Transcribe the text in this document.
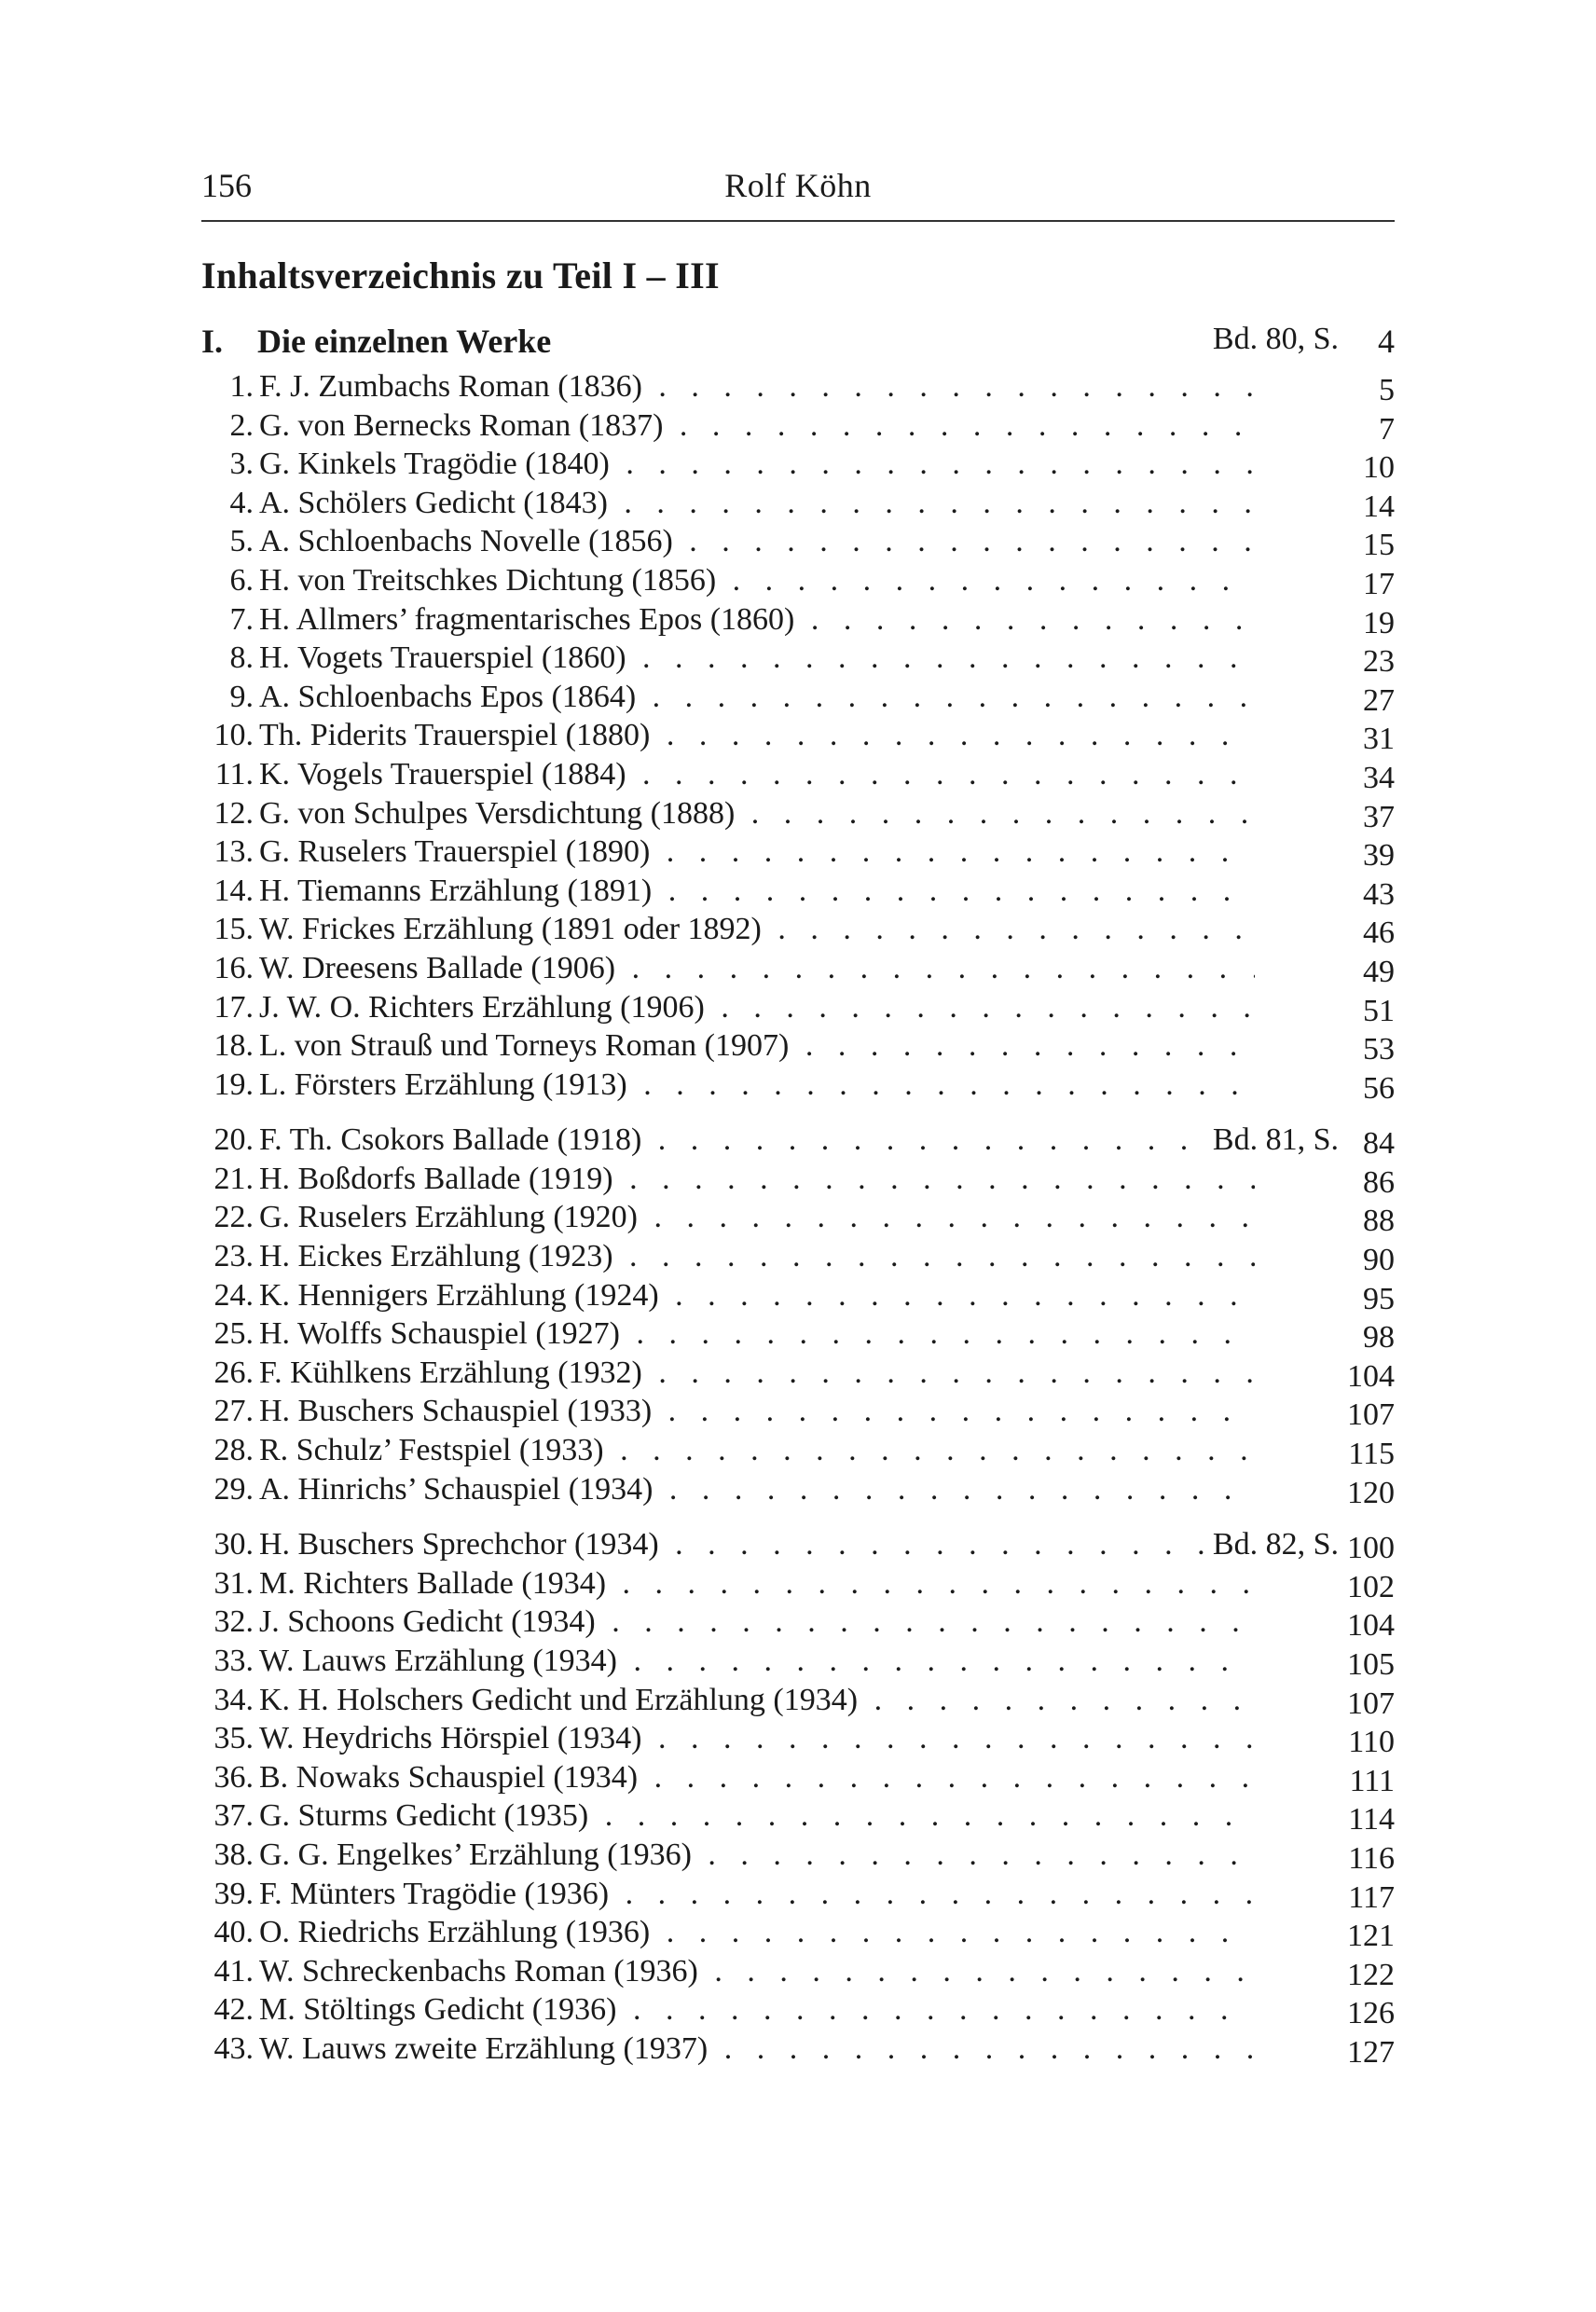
156	Rolf Köhn
Inhaltsverzeichnis zu Teil I – III
I. Die einzelnen Werke	Bd. 80, S. 4
1. F. J. Zumbachs Roman (1836) . . .	5
2. G. von Bernecks Roman (1837) . . .	7
3. G. Kinkels Tragödie (1840) . . .	10
4. A. Schölers Gedicht (1843) . . .	14
5. A. Schloenbachs Novelle (1856) . . .	15
6. H. von Treitschkes Dichtung (1856) . . .	17
7. H. Allmers’ fragmentarisches Epos (1860) . . .	19
8. H. Vogets Trauerspiel (1860) . . .	23
9. A. Schloenbachs Epos (1864) . . .	27
10. Th. Piderits Trauerspiel (1880) . . .	31
11. K. Vogels Trauerspiel (1884) . . .	34
12. G. von Schulpes Versdichtung (1888) . . .	37
13. G. Ruselers Trauerspiel (1890) . . .	39
14. H. Tiemanns Erzählung (1891) . . .	43
15. W. Frickes Erzählung (1891 oder 1892) . . .	46
16. W. Dreesens Ballade (1906) . . .	49
17. J. W. O. Richters Erzählung (1906) . . .	51
18. L. von Strauß und Torneys Roman (1907) . . .	53
19. L. Försters Erzählung (1913) . . .	56
20. F. Th. Csokors Ballade (1918) . . .	Bd. 81, S. 84
21. H. Boßdorfs Ballade (1919) . . .	86
22. G. Ruselers Erzählung (1920) . . .	88
23. H. Eickes Erzählung (1923) . . .	90
24. K. Hennigers Erzählung (1924) . . .	95
25. H. Wolffs Schauspiel (1927) . . .	98
26. F. Kühlkens Erzählung (1932) . . .	104
27. H. Buschers Schauspiel (1933) . . .	107
28. R. Schulz’ Festspiel (1933) . . .	115
29. A. Hinrichs’ Schauspiel (1934) . . .	120
30. H. Buschers Sprechchor (1934) . . .	Bd. 82, S. 100
31. M. Richters Ballade (1934) . . .	102
32. J. Schoons Gedicht (1934) . . .	104
33. W. Lauws Erzählung (1934) . . .	105
34. K. H. Holschers Gedicht und Erzählung (1934) . . .	107
35. W. Heydrichs Hörspiel (1934) . . .	110
36. B. Nowaks Schauspiel (1934) . . .	111
37. G. Sturms Gedicht (1935) . . .	114
38. G. G. Engelkes’ Erzählung (1936) . . .	116
39. F. Münters Tragödie (1936) . . .	117
40. O. Riedrichs Erzählung (1936) . . .	121
41. W. Schreckenbachs Roman (1936) . . .	122
42. M. Stöltings Gedicht (1936) . . .	126
43. W. Lauws zweite Erzählung (1937) . . .	127
